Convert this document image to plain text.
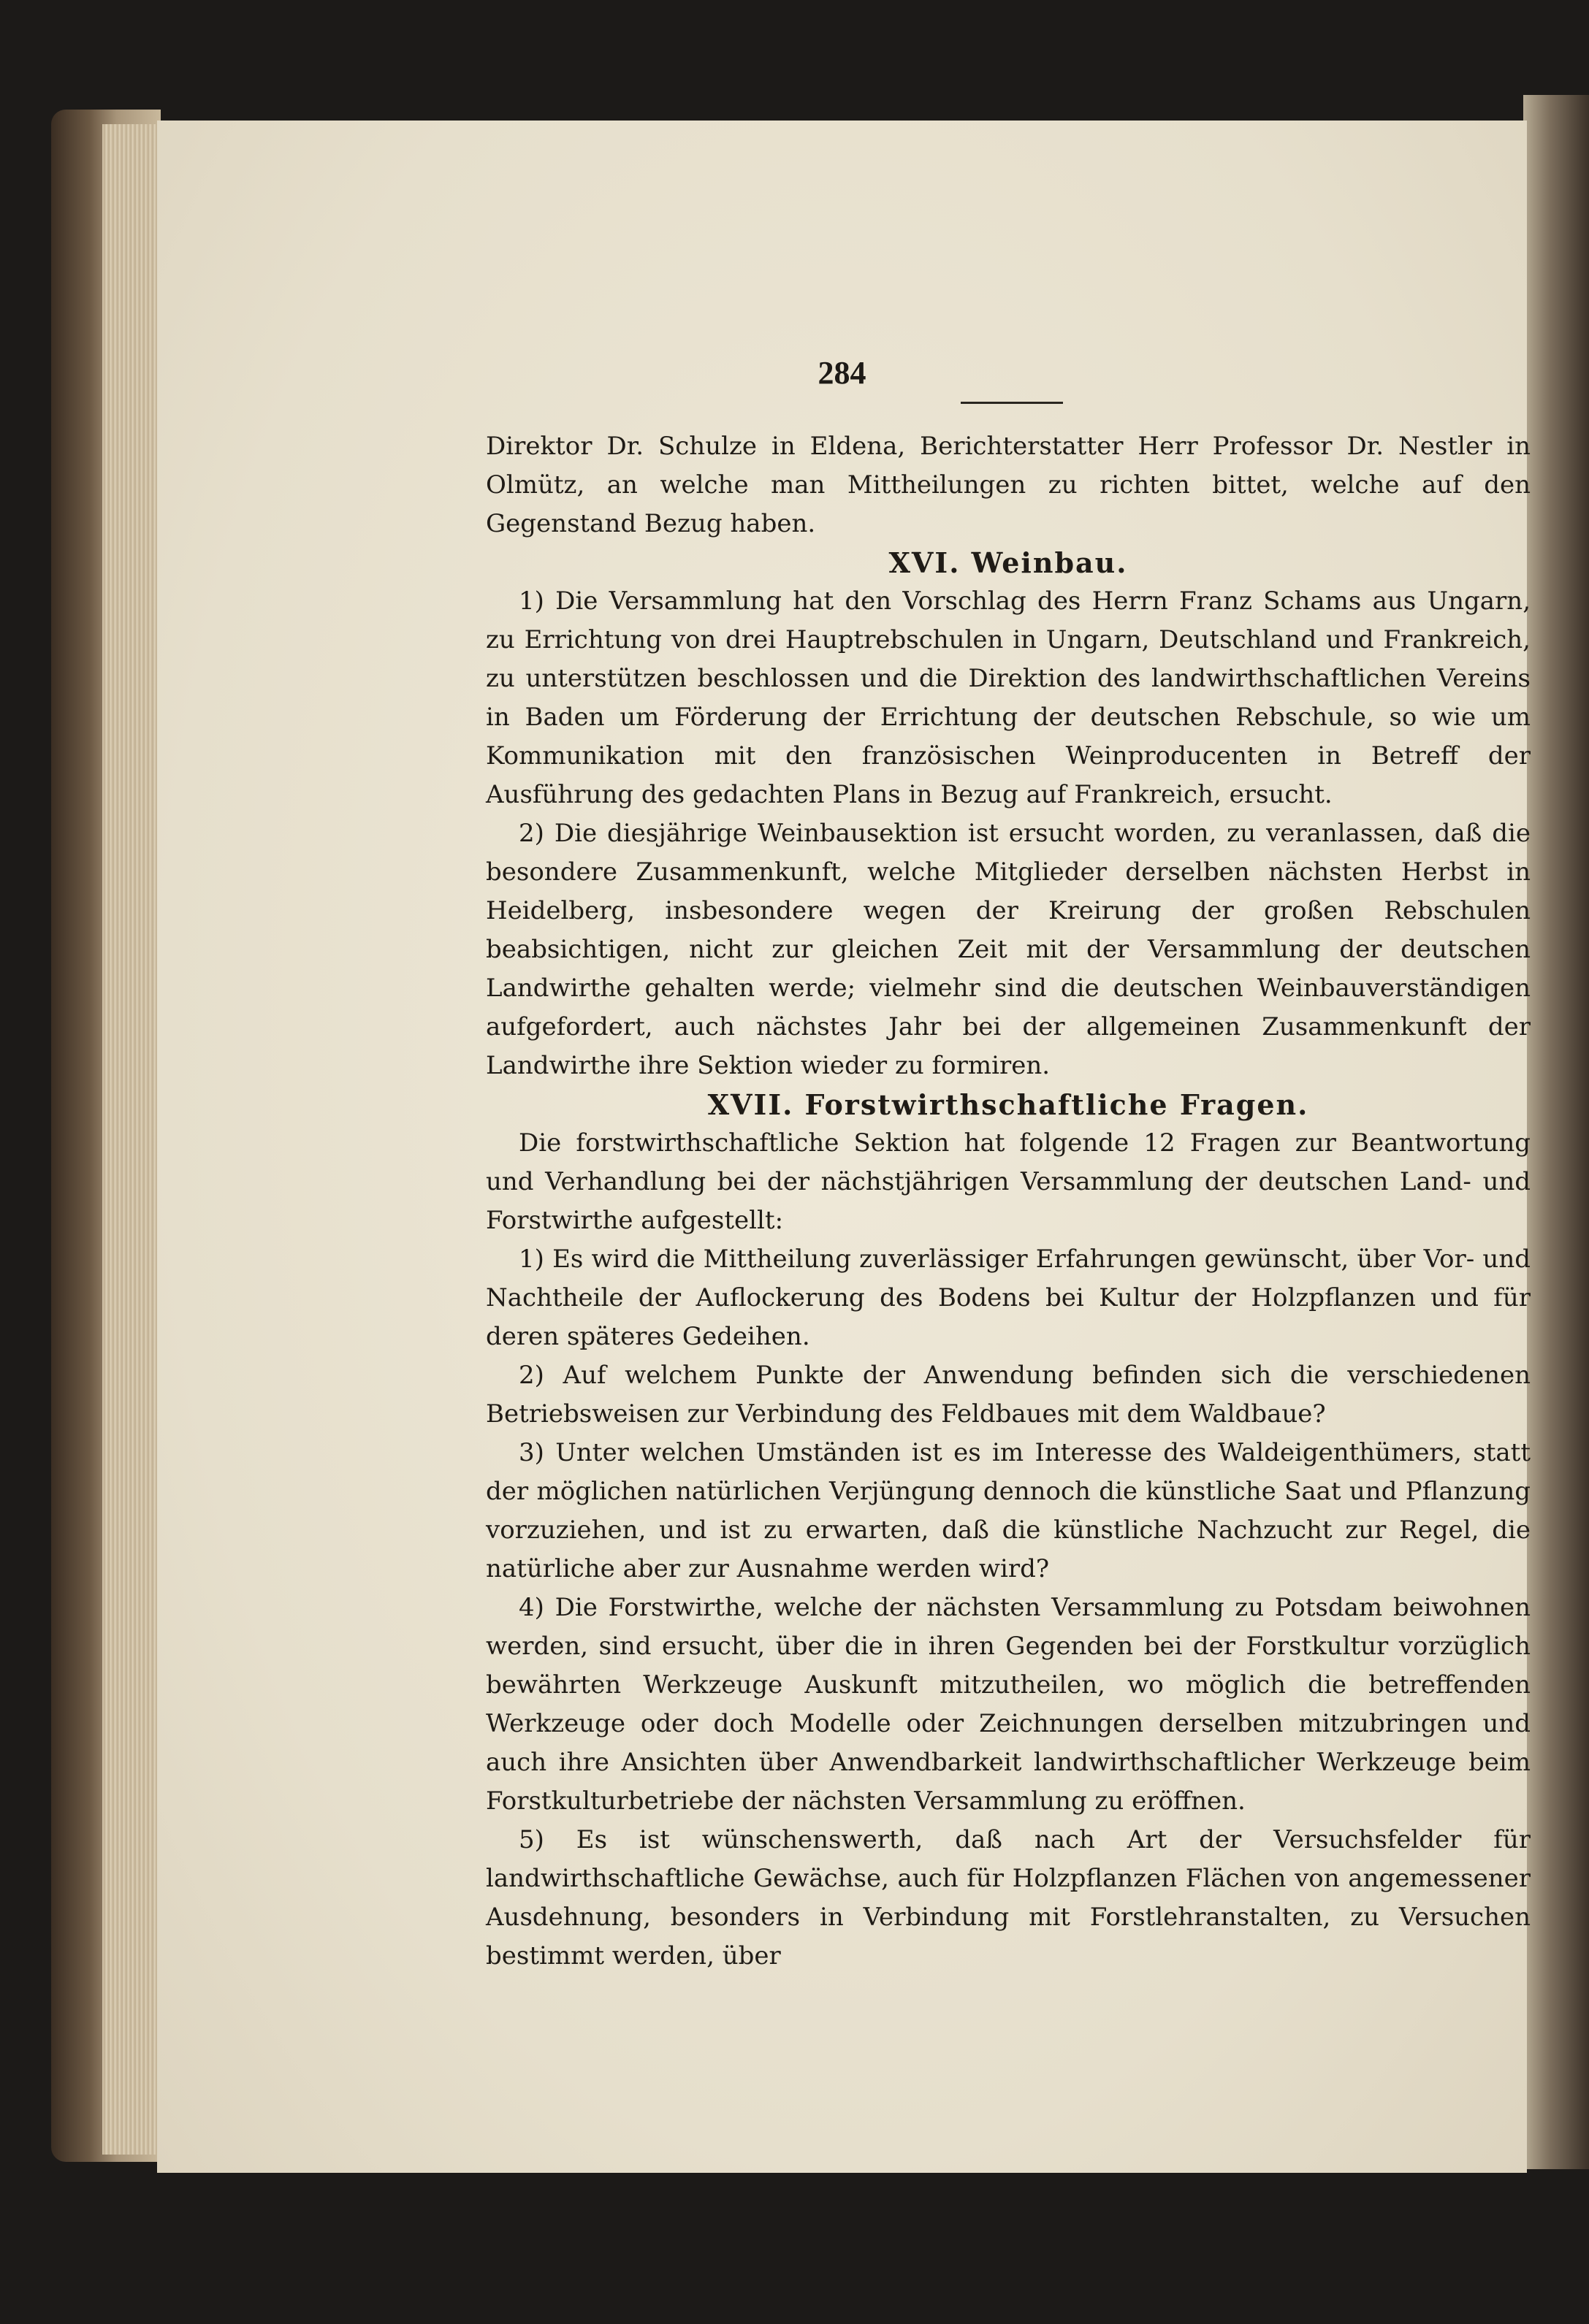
284

Direktor Dr. Schulze in Eldena, Berichterstatter Herr Professor Dr. Nestler in Olmütz, an welche man Mittheilungen zu richten bittet, welche auf den Gegenstand Bezug haben.

XVI. Weinbau.

1) Die Versammlung hat den Vorschlag des Herrn Franz Schams aus Ungarn, zu Errichtung von drei Hauptrebschulen in Ungarn, Deutschland und Frankreich, zu unterstützen beschlossen und die Direktion des landwirthschaftlichen Vereins in Baden um Förderung der Errichtung der deutschen Rebschule, so wie um Kommunikation mit den französischen Weinproducenten in Betreff der Ausführung des gedachten Plans in Bezug auf Frankreich, ersucht.

2) Die diesjährige Weinbausektion ist ersucht worden, zu veranlassen, daß die besondere Zusammenkunft, welche Mitglieder derselben nächsten Herbst in Heidelberg, insbesondere wegen der Kreirung der großen Rebschulen beabsichtigen, nicht zur gleichen Zeit mit der Versammlung der deutschen Landwirthe gehalten werde; vielmehr sind die deutschen Weinbauverständigen aufgefordert, auch nächstes Jahr bei der allgemeinen Zusammenkunft der Landwirthe ihre Sektion wieder zu formiren.

XVII. Forstwirthschaftliche Fragen.

Die forstwirthschaftliche Sektion hat folgende 12 Fragen zur Beantwortung und Verhandlung bei der nächstjährigen Versammlung der deutschen Land- und Forstwirthe aufgestellt:

1) Es wird die Mittheilung zuverlässiger Erfahrungen gewünscht, über Vor- und Nachtheile der Auflockerung des Bodens bei Kultur der Holzpflanzen und für deren späteres Gedeihen.

2) Auf welchem Punkte der Anwendung befinden sich die verschiedenen Betriebsweisen zur Verbindung des Feldbaues mit dem Waldbaue?

3) Unter welchen Umständen ist es im Interesse des Waldeigenthümers, statt der möglichen natürlichen Verjüngung dennoch die künstliche Saat und Pflanzung vorzuziehen, und ist zu erwarten, daß die künstliche Nachzucht zur Regel, die natürliche aber zur Ausnahme werden wird?

4) Die Forstwirthe, welche der nächsten Versammlung zu Potsdam beiwohnen werden, sind ersucht, über die in ihren Gegenden bei der Forstkultur vorzüglich bewährten Werkzeuge Auskunft mitzutheilen, wo möglich die betreffenden Werkzeuge oder doch Modelle oder Zeichnungen derselben mitzubringen und auch ihre Ansichten über Anwendbarkeit landwirthschaftlicher Werkzeuge beim Forstkulturbetriebe der nächsten Versammlung zu eröffnen.

5) Es ist wünschenswerth, daß nach Art der Versuchsfelder für landwirthschaftliche Gewächse, auch für Holzpflanzen Flächen von angemessener Ausdehnung, besonders in Verbindung mit Forstlehranstalten, zu Versuchen bestimmt werden, über
